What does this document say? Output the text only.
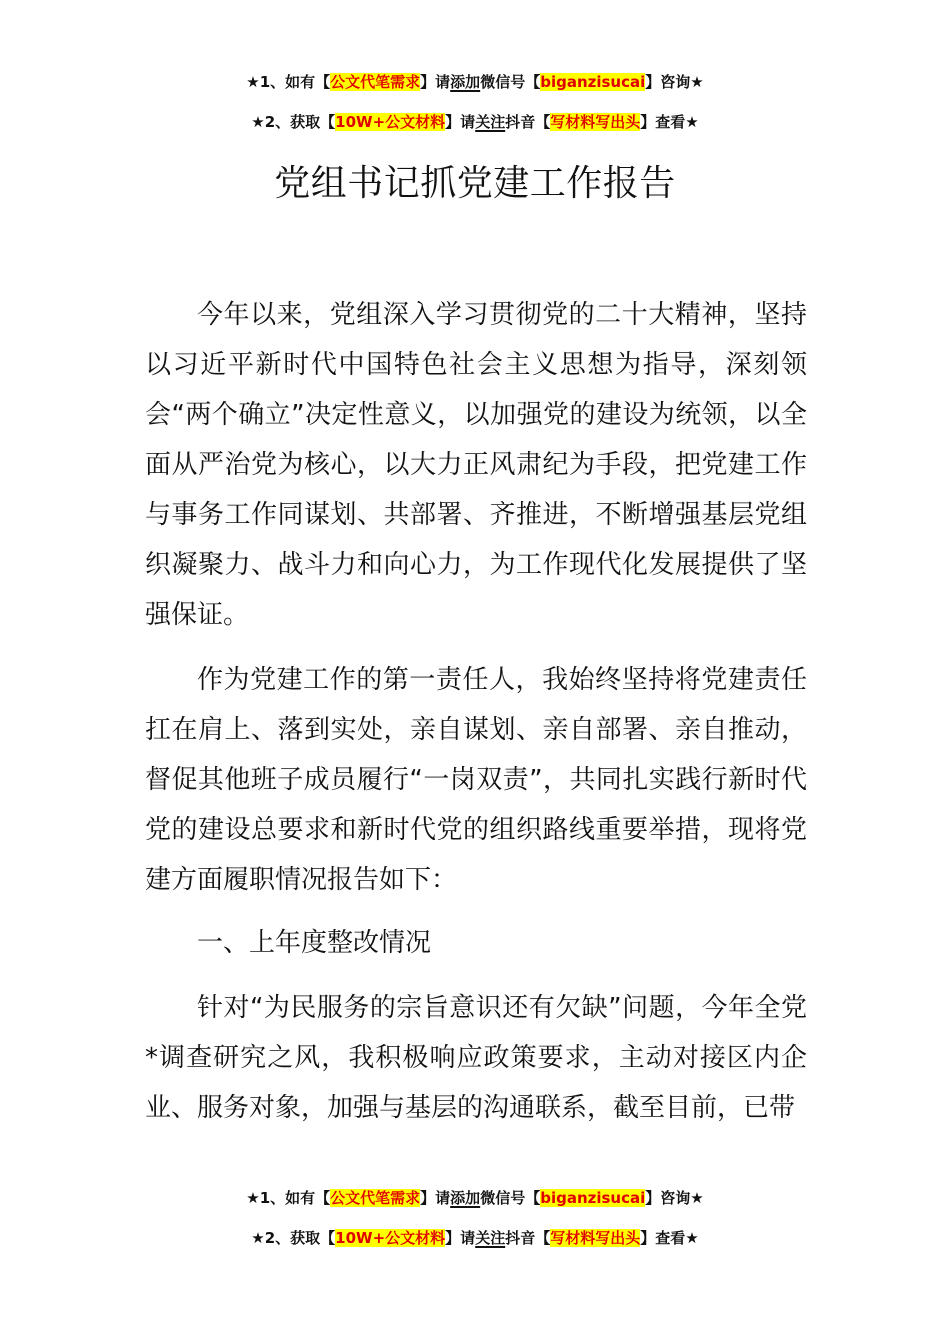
★1、如有【公文代笔需求】请添加微信号【biganzisucai】咨询★
★2、获取【10W+公文材料】请关注抖音【写材料写出头】查看★
党组书记抓党建工作报告

今年以来，党组深入学习贯彻党的二十大精神，坚持以习近平新时代中国特色社会主义思想为指导，深刻领会“两个确立”决定性意义，以加强党的建设为统领，以全面从严治党为核心，以大力正风肃纪为手段，把党建工作与事务工作同谋划、共部署、齐推进，不断增强基层党组织凝聚力、战斗力和向心力，为工作现代化发展提供了坚强保证。

作为党建工作的第一责任人，我始终坚持将党建责任扛在肩上、落到实处，亲自谋划、亲自部署、亲自推动，督促其他班子成员履行“一岗双责”，共同扎实践行新时代党的建设总要求和新时代党的组织路线重要举措，现将党建方面履职情况报告如下：

一、上年度整改情况

针对“为民服务的宗旨意识还有欠缺”问题，今年全党*调查研究之风，我积极响应政策要求，主动对接区内企业、服务对象，加强与基层的沟通联系，截至目前，已带

★1、如有【公文代笔需求】请添加微信号【biganzisucai】咨询★
★2、获取【10W+公文材料】请关注抖音【写材料写出头】查看★
